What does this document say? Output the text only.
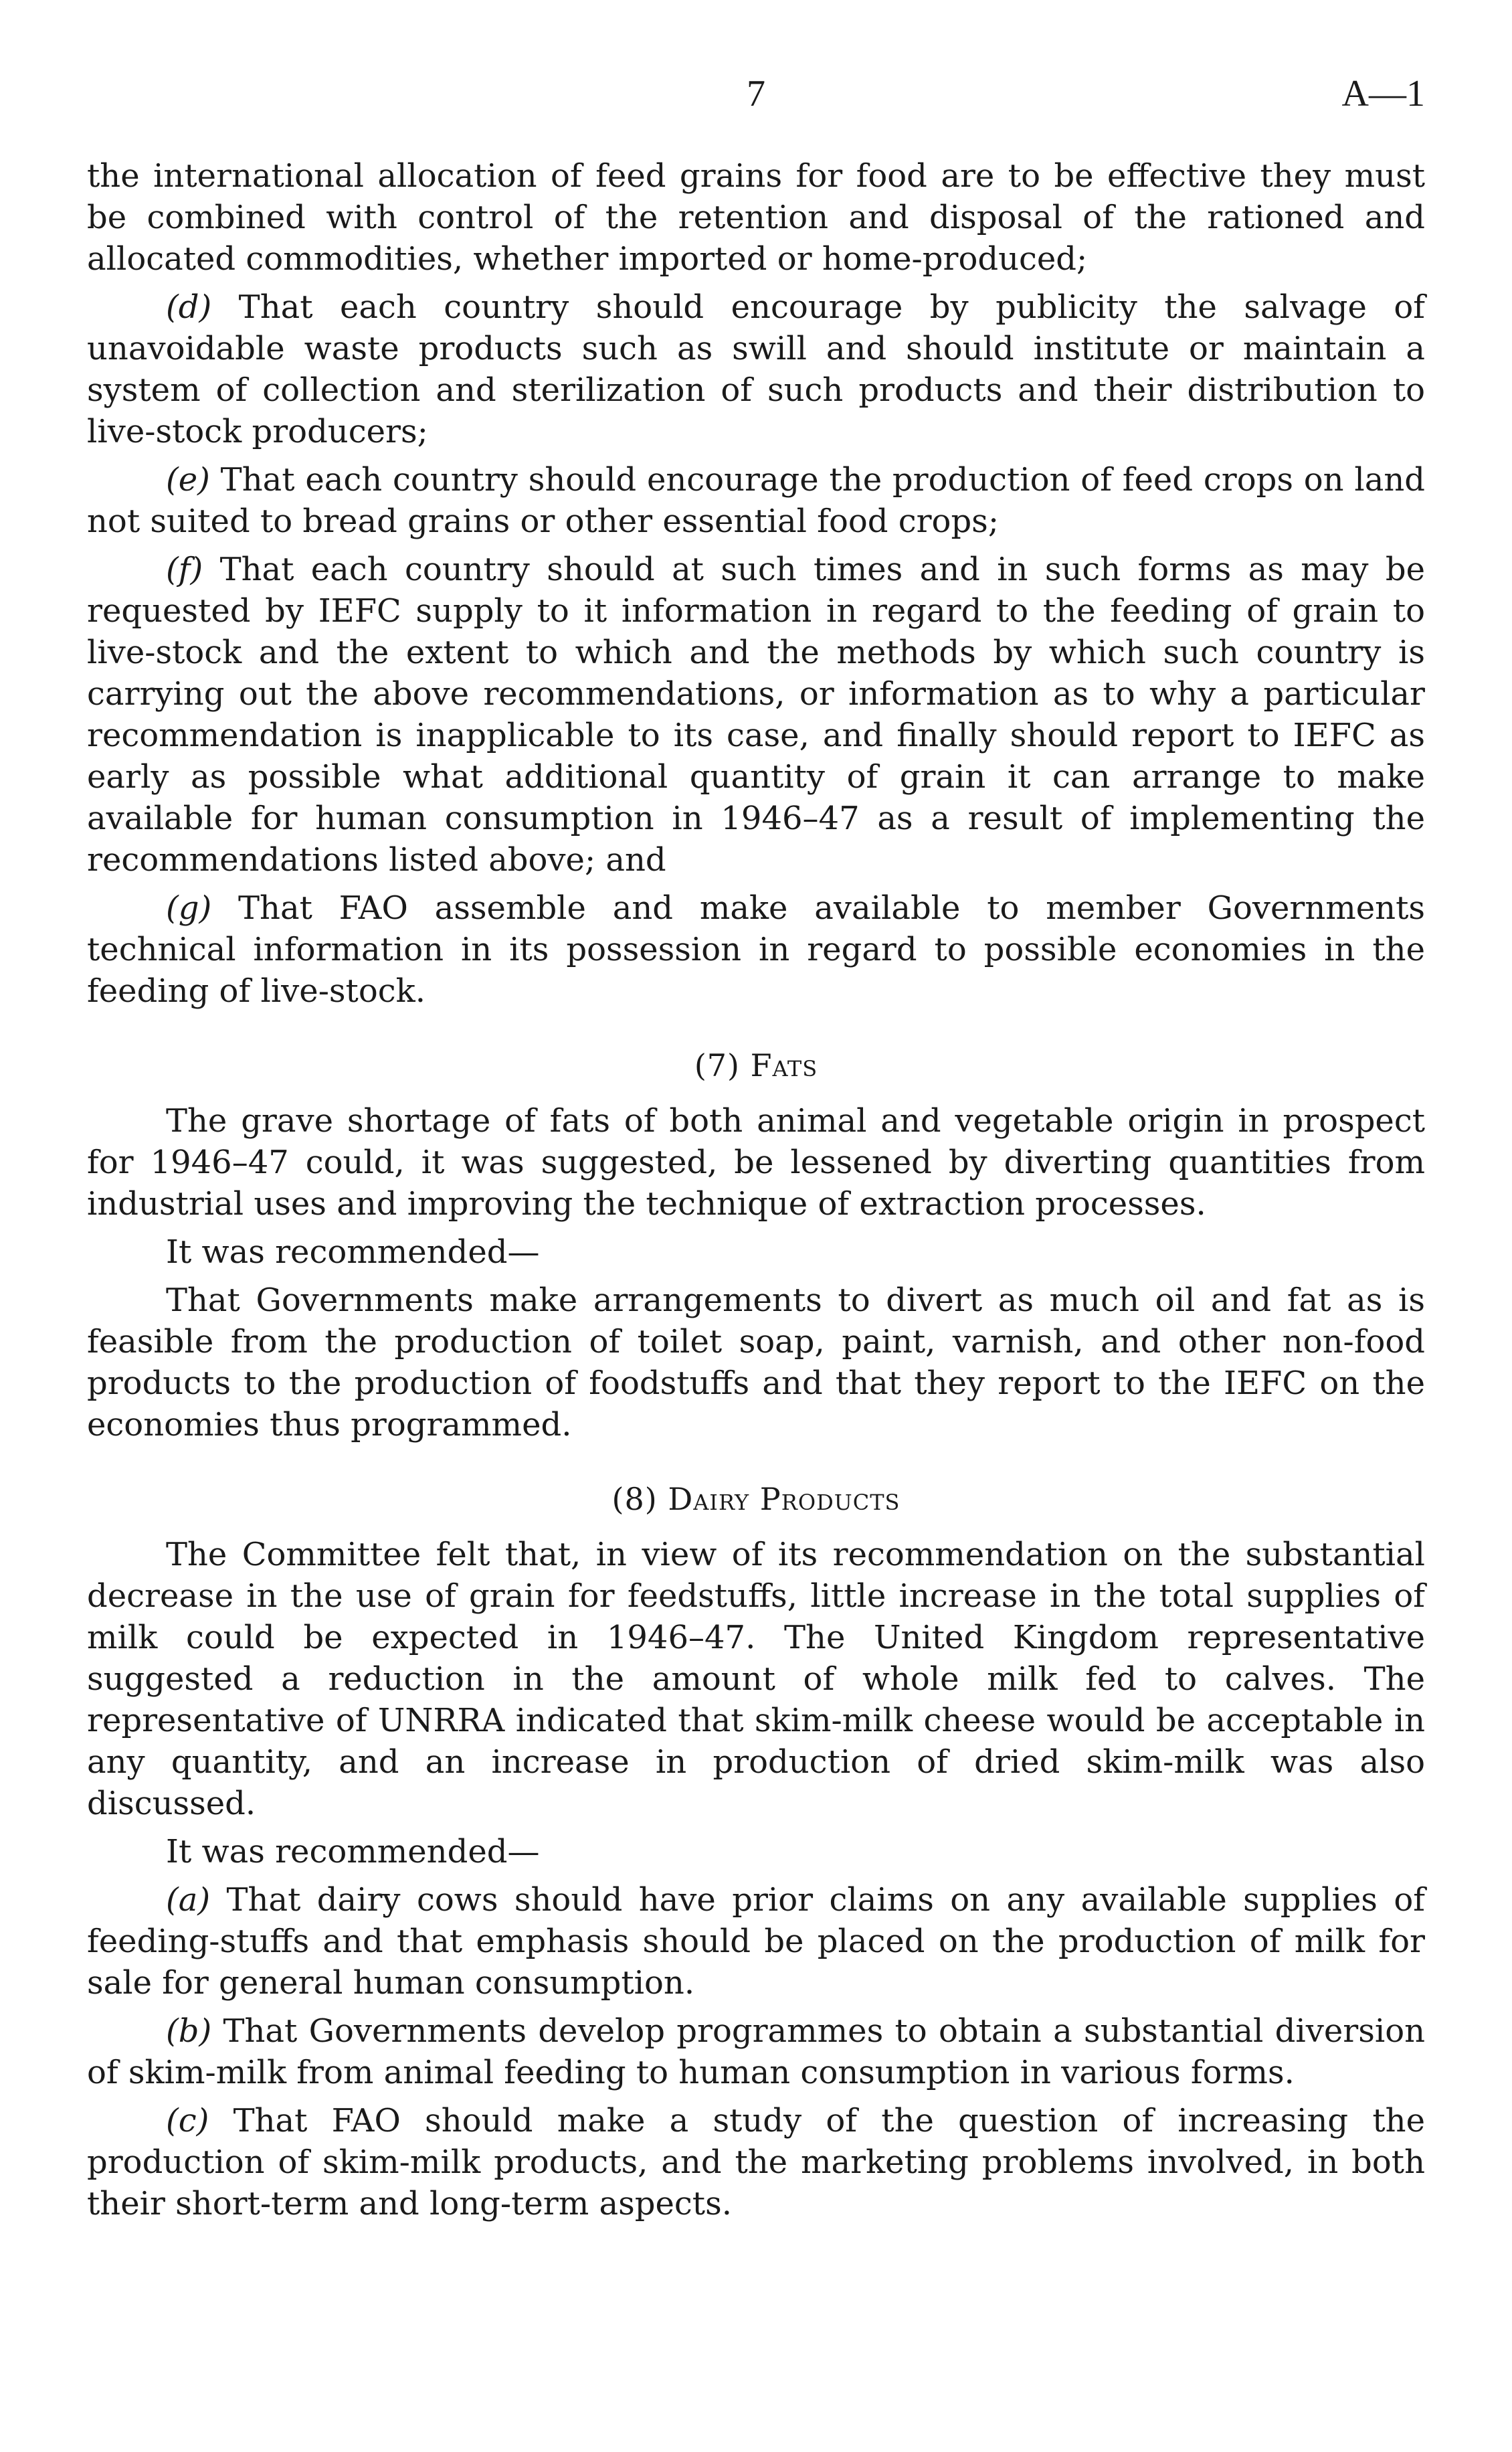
7	A—1

the international allocation of feed grains for food are to be effective they must be combined with control of the retention and disposal of the rationed and allocated commodities, whether imported or home-produced;

(d) That each country should encourage by publicity the salvage of unavoidable waste products such as swill and should institute or maintain a system of collection and sterilization of such products and their distribution to live-stock producers;

(e) That each country should encourage the production of feed crops on land not suited to bread grains or other essential food crops;

(f) That each country should at such times and in such forms as may be requested by IEFC supply to it information in regard to the feeding of grain to live-stock and the extent to which and the methods by which such country is carrying out the above recommendations, or information as to why a particular recommendation is inapplicable to its case, and finally should report to IEFC as early as possible what additional quantity of grain it can arrange to make available for human consumption in 1946–47 as a result of implementing the recommendations listed above; and

(g) That FAO assemble and make available to member Governments technical information in its possession in regard to possible economies in the feeding of live-stock.

(7) Fats

The grave shortage of fats of both animal and vegetable origin in prospect for 1946–47 could, it was suggested, be lessened by diverting quantities from industrial uses and improving the technique of extraction processes.

It was recommended—

That Governments make arrangements to divert as much oil and fat as is feasible from the production of toilet soap, paint, varnish, and other non-food products to the production of foodstuffs and that they report to the IEFC on the economies thus programmed.

(8) Dairy Products

The Committee felt that, in view of its recommendation on the substantial decrease in the use of grain for feedstuffs, little increase in the total supplies of milk could be expected in 1946–47. The United Kingdom representative suggested a reduction in the amount of whole milk fed to calves. The representative of UNRRA indicated that skim-milk cheese would be acceptable in any quantity, and an increase in production of dried skim-milk was also discussed.

It was recommended—

(a) That dairy cows should have prior claims on any available supplies of feeding-stuffs and that emphasis should be placed on the production of milk for sale for general human consumption.

(b) That Governments develop programmes to obtain a substantial diversion of skim-milk from animal feeding to human consumption in various forms.

(c) That FAO should make a study of the question of increasing the production of skim-milk products, and the marketing problems involved, in both their short-term and long-term aspects.
